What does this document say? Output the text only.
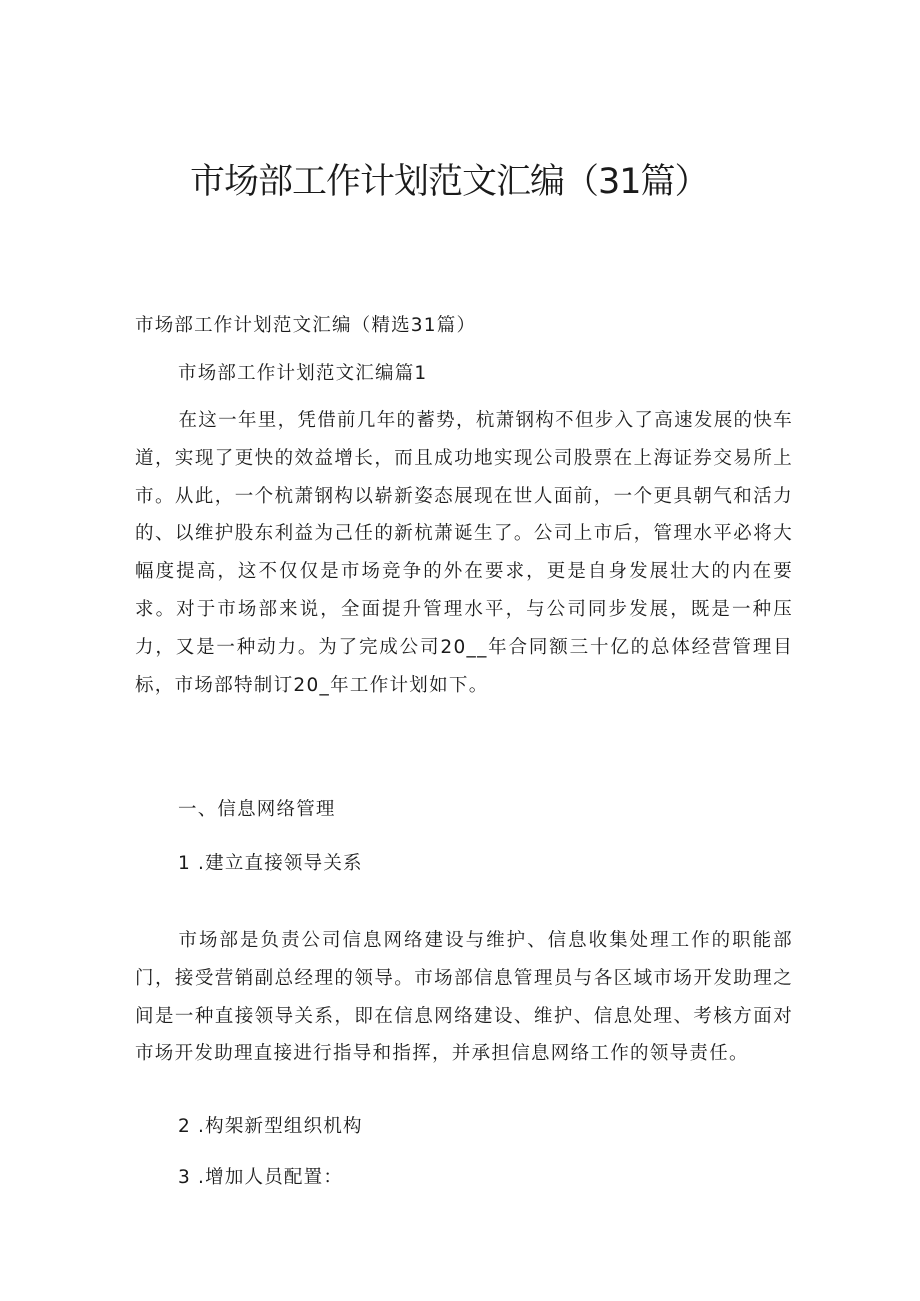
市场部工作计划范文汇编（31篇）
市场部工作计划范文汇编（精选31篇）
市场部工作计划范文汇编篇1

在这一年里，凭借前几年的蓄势，杭萧钢构不但步入了高速发展的快车道，实现了更快的效益增长，而且成功地实现公司股票在上海证券交易所上市。从此，一个杭萧钢构以崭新姿态展现在世人面前，一个更具朝气和活力的、以维护股东利益为己任的新杭萧诞生了。公司上市后，管理水平必将大幅度提高，这不仅仅是市场竞争的外在要求，更是自身发展壮大的内在要求。对于市场部来说，全面提升管理水平，与公司同步发展，既是一种压力，又是一种动力。为了完成公司20__年合同额三十亿的总体经营管理目标，市场部特制订20_年工作计划如下。

一、信息网络管理
1 .建立直接领导关系

市场部是负责公司信息网络建设与维护、信息收集处理工作的职能部门，接受营销副总经理的领导。市场部信息管理员与各区域市场开发助理之间是一种直接领导关系，即在信息网络建设、维护、信息处理、考核方面对市场开发助理直接进行指导和指挥，并承担信息网络工作的领导责任。

2 .构架新型组织机构
3 .增加人员配置：
